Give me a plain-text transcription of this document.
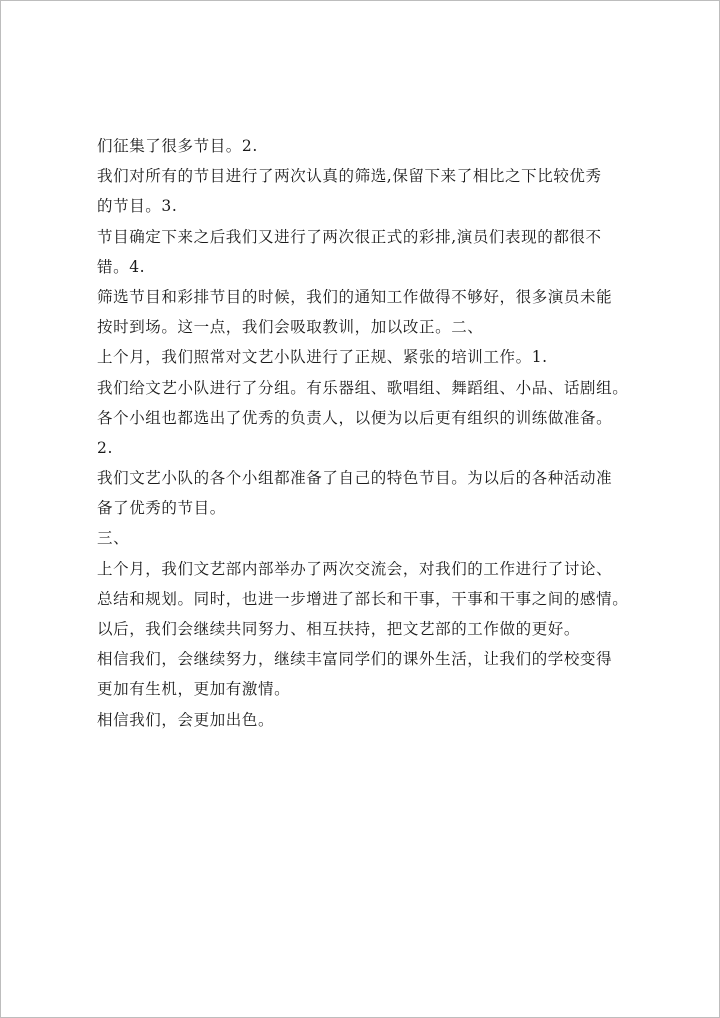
们征集了很多节目。2.
我们对所有的节目进行了两次认真的筛选,保留下来了相比之下比较优秀
的节目。3.
节目确定下来之后我们又进行了两次很正式的彩排,演员们表现的都很不
错。4.
筛选节目和彩排节目的时候，我们的通知工作做得不够好，很多演员未能
按时到场。这一点，我们会吸取教训，加以改正。二、
上个月，我们照常对文艺小队进行了正规、紧张的培训工作。1.
我们给文艺小队进行了分组。有乐器组、歌唱组、舞蹈组、小品、话剧组。
各个小组也都选出了优秀的负责人，以便为以后更有组织的训练做准备。
2.
我们文艺小队的各个小组都准备了自己的特色节目。为以后的各种活动准
备了优秀的节目。
三、
上个月，我们文艺部内部举办了两次交流会，对我们的工作进行了讨论、
总结和规划。同时，也进一步增进了部长和干事，干事和干事之间的感情。
以后，我们会继续共同努力、相互扶持，把文艺部的工作做的更好。
相信我们，会继续努力，继续丰富同学们的课外生活，让我们的学校变得
更加有生机，更加有激情。
相信我们，会更加出色。
